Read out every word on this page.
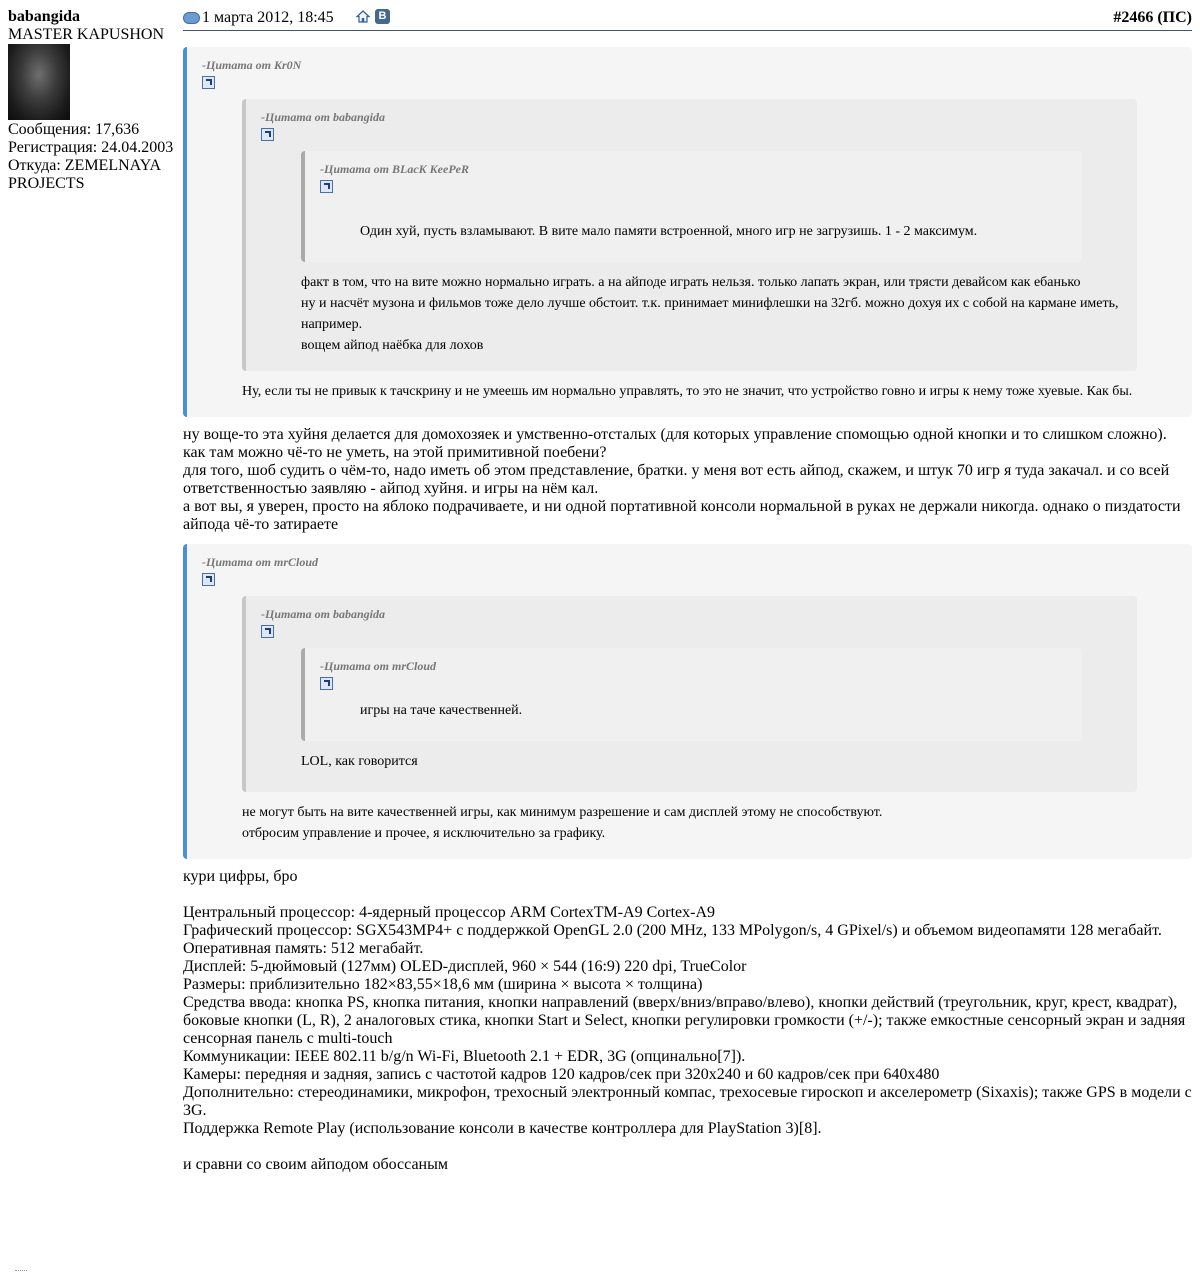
babangida
MASTER KAPUSHON
Сообщения: 17,636
Регистрация: 24.04.2003
Откуда: ZEMELNAYA PROJECTS
1 марта 2012, 18:45	В	#2466 (ПС)
-Цитата от Kr0N
-Цитата от babangida
-Цитата от BLacK KeePeR
Один хуй, пусть взламывают. В вите мало памяти встроенной, много игр не загрузишь. 1 - 2 максимум.
факт в том, что на вите можно нормально играть. а на айподе играть нельзя. только лапать экран, или трясти девайсом как ебанько
ну и насчёт музона и фильмов тоже дело лучше обстоит. т.к. принимает минифлешки на 32гб. можно дохуя их с собой на кармане иметь, например.
вощем айпод наёбка для лохов
Ну, если ты не привык к тачскрину и не умеешь им нормально управлять, то это не значит, что устройство говно и игры к нему тоже хуевые. Как бы.
ну воще-то эта хуйня делается для домохозяек и умственно-отсталых (для которых управление спомощью одной кнопки и то слишком сложно).
как там можно чё-то не уметь, на этой примитивной поебени?
для того, шоб судить о чём-то, надо иметь об этом представление, братки. у меня вот есть айпод, скажем, и штук 70 игр я туда закачал. и со всей ответственностью заявляю - айпод хуйня. и игры на нём кал.
а вот вы, я уверен, просто на яблоко подрачиваете, и ни одной портативной консоли нормальной в руках не держали никогда. однако о пиздатости айпода чё-то затираете
-Цитата от mrCloud
-Цитата от babangida
-Цитата от mrCloud
игры на таче качественней.
LOL, как говорится
не могут быть на вите качественней игры, как минимум разрешение и сам дисплей этому не способствуют.
отбросим управление и прочее, я исключительно за графику.
кури цифры, бро
Центральный процессор: 4-ядерный процессор ARM CortexTM-A9 Cortex-A9
Графический процессор: SGX543MP4+ с поддержкой OpenGL 2.0 (200 MHz, 133 MPolygon/s, 4 GPixel/s) и объемом видеопамяти 128 мегабайт.
Оперативная память: 512 мегабайт.
Дисплей: 5-дюймовый (127мм) OLED-дисплей, 960 × 544 (16:9) 220 dpi, TrueColor
Размеры: приблизительно 182×83,55×18,6 мм (ширина × высота × толщина)
Средства ввода: кнопка PS, кнопка питания, кнопки направлений (вверх/вниз/вправо/влево), кнопки действий (треугольник, круг, крест, квадрат), боковые кнопки (L, R), 2 аналоговых стика, кнопки Start и Select, кнопки регулировки громкости (+/-); также емкостные сенсорный экран и задняя сенсорная панель с multi-touch
Коммуникации: IEEE 802.11 b/g/n Wi-Fi, Bluetooth 2.1 + EDR, 3G (опцинально[7]).
Камеры: передняя и задняя, запись с частотой кадров 120 кадров/сек при 320x240 и 60 кадров/сек при 640x480
Дополнительно: стереодинамики, микрофон, трехосный электронный компас, трехосевые гироскоп и акселерометр (Sixaxis); также GPS в модели с 3G.
Поддержка Remote Play (использование консоли в качестве контроллера для PlayStation 3)[8].
и сравни со своим айподом обоссаным
